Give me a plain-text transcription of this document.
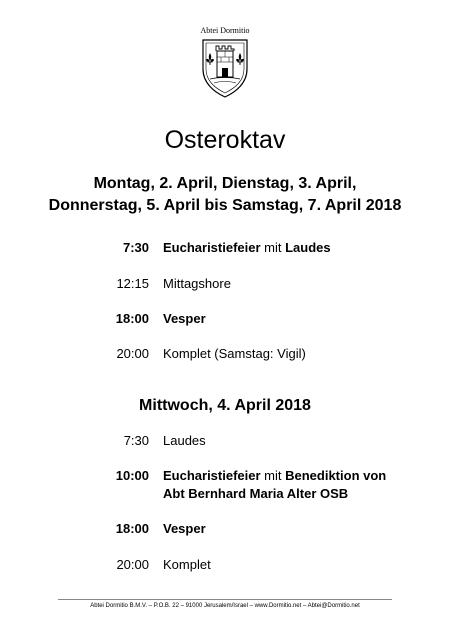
Abtei Dormitio
Osteroktav
Montag, 2. April, Dienstag, 3. April,
Donnerstag, 5. April bis Samstag, 7. April 2018
7:30 Eucharistiefeier mit Laudes
12:15 Mittagshore
18:00 Vesper
20:00 Komplet (Samstag: Vigil)
Mittwoch, 4. April 2018
7:30 Laudes
10:00 Eucharistiefeier mit Benediktion von
Abt Bernhard Maria Alter OSB
18:00 Vesper
20:00 Komplet
Abtei Dormitio B.M.V. – P.O.B. 22 – 91000 Jerusalem/Israel – www.Dormitio.net – Abtei@Dormitio.net
